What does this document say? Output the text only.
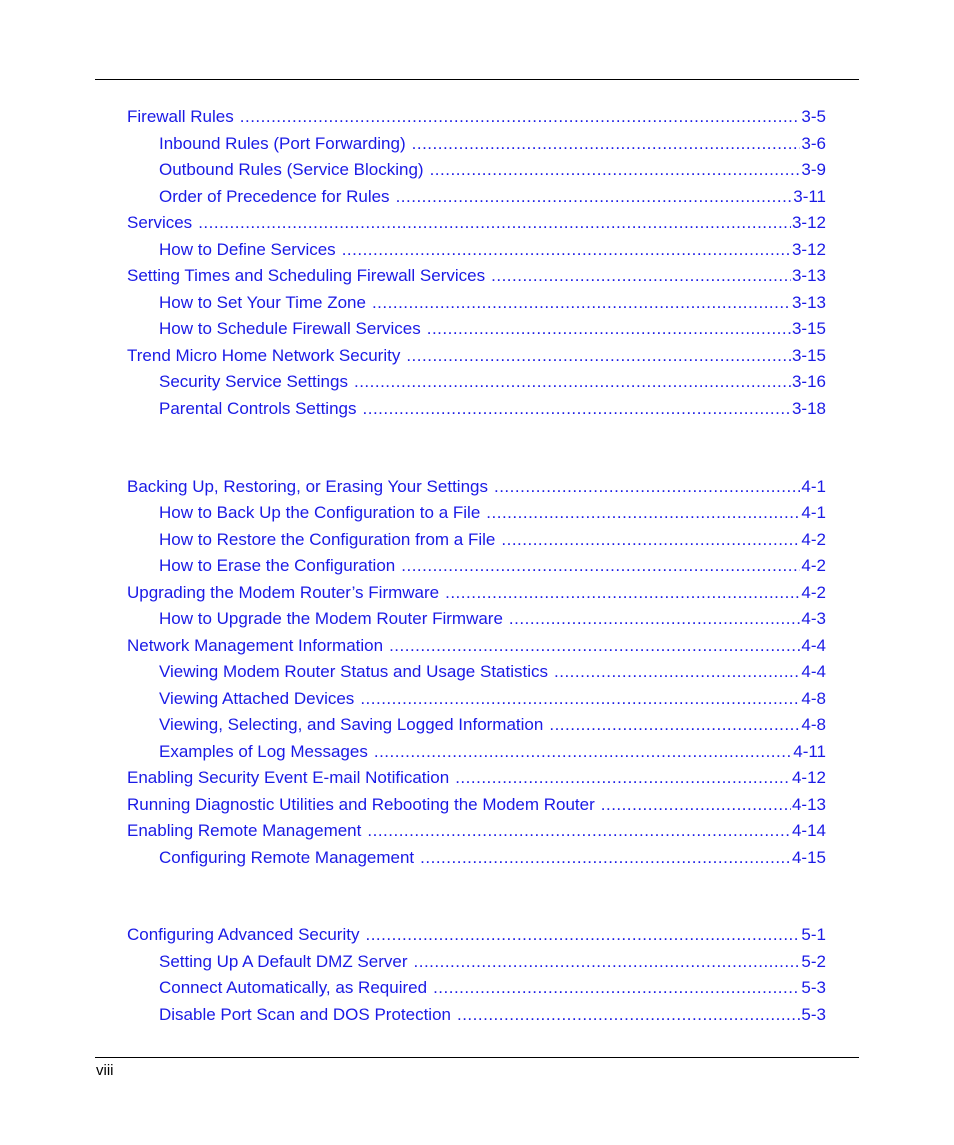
Firewall Rules .....	3-5
Inbound Rules (Port Forwarding) .....	3-6
Outbound Rules (Service Blocking) .....	3-9
Order of Precedence for Rules .....	3-11
Services .....	3-12
How to Define Services .....	3-12
Setting Times and Scheduling Firewall Services .....	3-13
How to Set Your Time Zone .....	3-13
How to Schedule Firewall Services .....	3-15
Trend Micro Home Network Security .....	3-15
Security Service Settings .....	3-16
Parental Controls Settings .....	3-18
Backing Up, Restoring, or Erasing Your Settings .....	4-1
How to Back Up the Configuration to a File .....	4-1
How to Restore the Configuration from a File .....	4-2
How to Erase the Configuration .....	4-2
Upgrading the Modem Router’s Firmware .....	4-2
How to Upgrade the Modem Router Firmware .....	4-3
Network Management Information .....	4-4
Viewing Modem Router Status and Usage Statistics .....	4-4
Viewing Attached Devices .....	4-8
Viewing, Selecting, and Saving Logged Information .....	4-8
Examples of Log Messages .....	4-11
Enabling Security Event E-mail Notification .....	4-12
Running Diagnostic Utilities and Rebooting the Modem Router .....	4-13
Enabling Remote Management .....	4-14
Configuring Remote Management .....	4-15
Configuring Advanced Security .....	5-1
Setting Up A Default DMZ Server .....	5-2
Connect Automatically, as Required .....	5-3
Disable Port Scan and DOS Protection .....	5-3
viii
